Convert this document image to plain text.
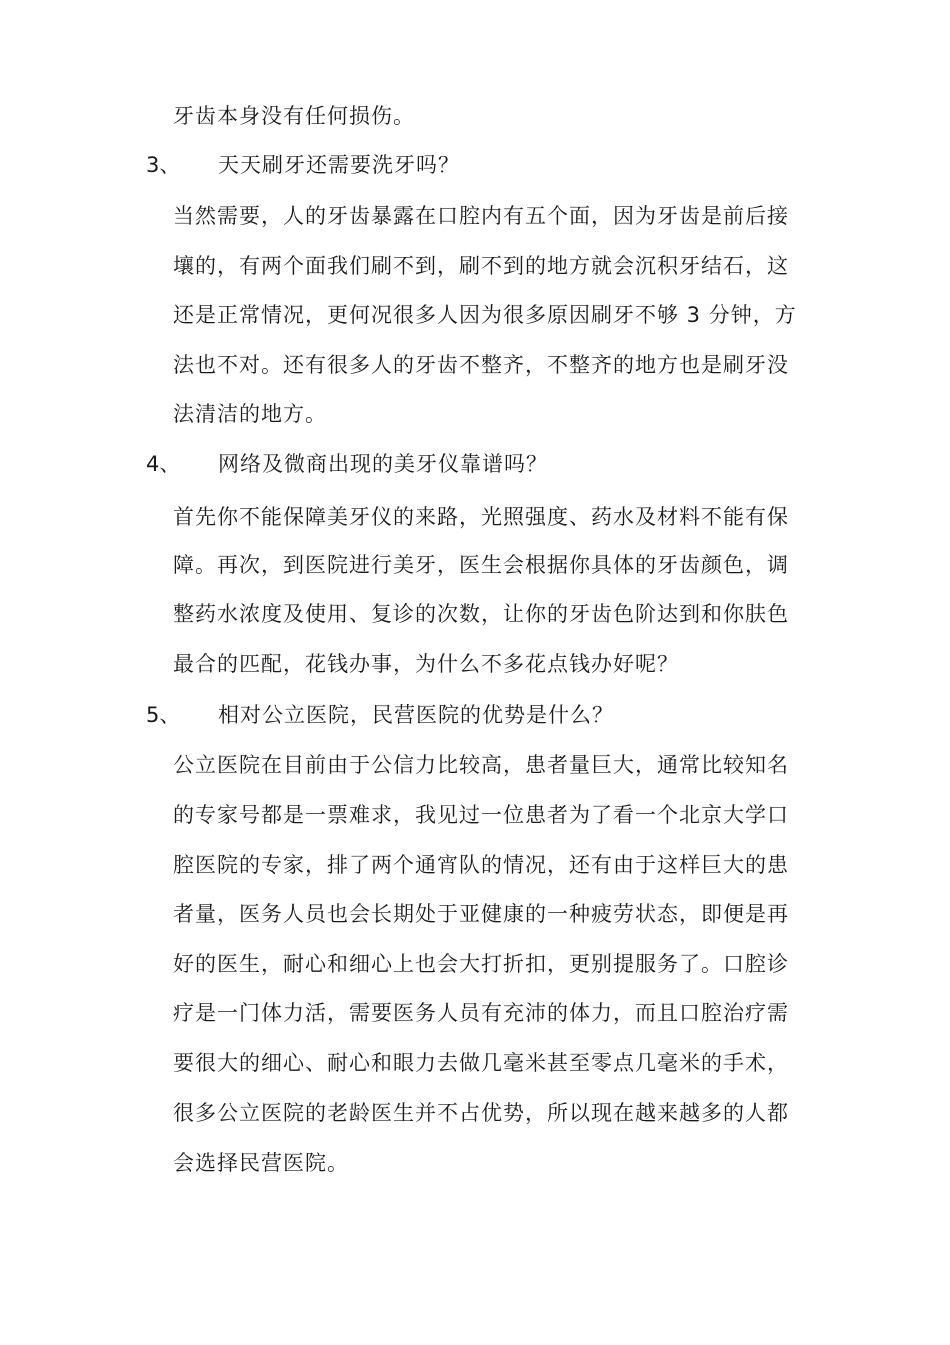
牙齿本身没有任何损伤。
3、 天天刷牙还需要洗牙吗？
当然需要，人的牙齿暴露在口腔内有五个面，因为牙齿是前后接
壤的，有两个面我们刷不到，刷不到的地方就会沉积牙结石，这
还是正常情况，更何况很多人因为很多原因刷牙不够 3 分钟，方
法也不对。还有很多人的牙齿不整齐，不整齐的地方也是刷牙没
法清洁的地方。
4、 网络及微商出现的美牙仪靠谱吗？
首先你不能保障美牙仪的来路，光照强度、药水及材料不能有保
障。再次，到医院进行美牙，医生会根据你具体的牙齿颜色，调
整药水浓度及使用、复诊的次数，让你的牙齿色阶达到和你肤色
最合的匹配，花钱办事，为什么不多花点钱办好呢？
5、 相对公立医院，民营医院的优势是什么？
公立医院在目前由于公信力比较高，患者量巨大，通常比较知名
的专家号都是一票难求，我见过一位患者为了看一个北京大学口
腔医院的专家，排了两个通宵队的情况，还有由于这样巨大的患
者量，医务人员也会长期处于亚健康的一种疲劳状态，即便是再
好的医生，耐心和细心上也会大打折扣，更别提服务了。口腔诊
疗是一门体力活，需要医务人员有充沛的体力，而且口腔治疗需
要很大的细心、耐心和眼力去做几毫米甚至零点几毫米的手术，
很多公立医院的老龄医生并不占优势，所以现在越来越多的人都
会选择民营医院。
